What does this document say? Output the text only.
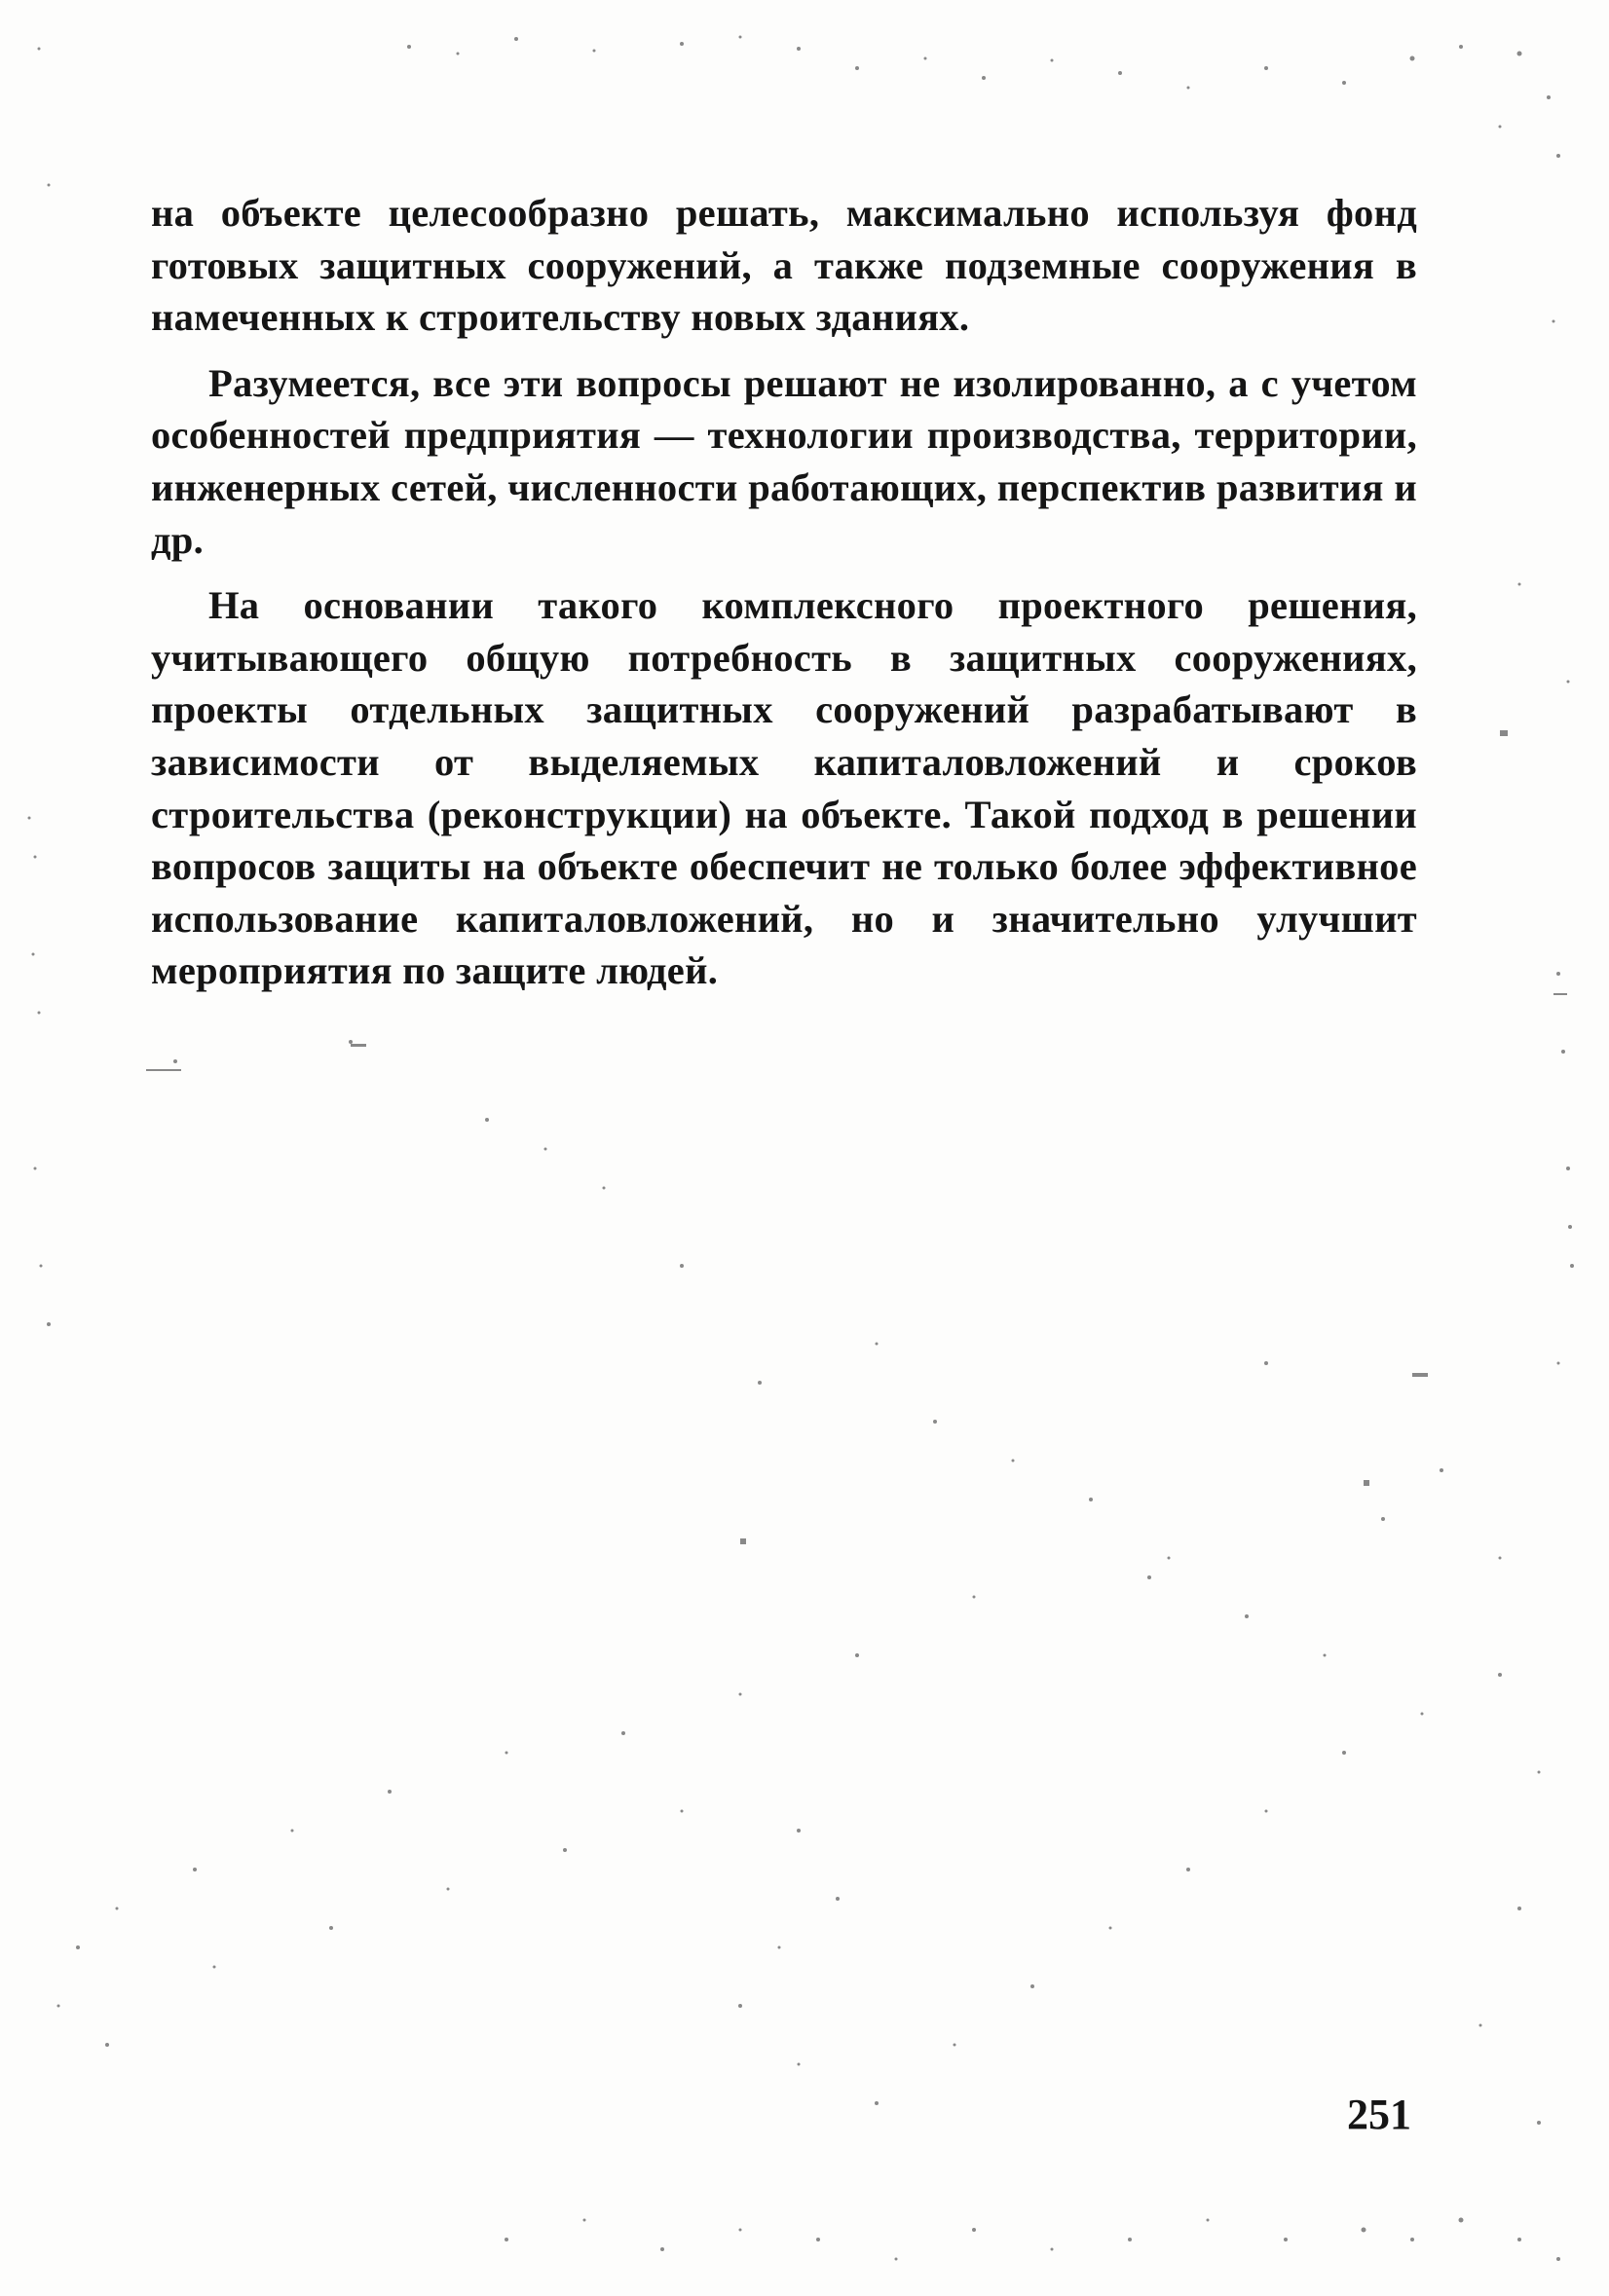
на объекте целесообразно решать, максимально используя фонд готовых защитных сооружений, а также подземные сооружения в намеченных к строительству новых зданиях.

Разумеется, все эти вопросы решают не изолированно, а с учетом особенностей предприятия — технологии производства, территории, инженерных сетей, численности работающих, перспектив развития и др.

На основании такого комплексного проектного решения, учитывающего общую потребность в защитных сооружениях, проекты отдельных защитных сооружений разрабатывают в зависимости от выделяемых капиталовложений и сроков строительства (реконструкции) на объекте. Такой подход в решении вопросов защиты на объекте обеспечит не только более эффективное использование капиталовложений, но и значительно улучшит мероприятия по защите людей.

251
